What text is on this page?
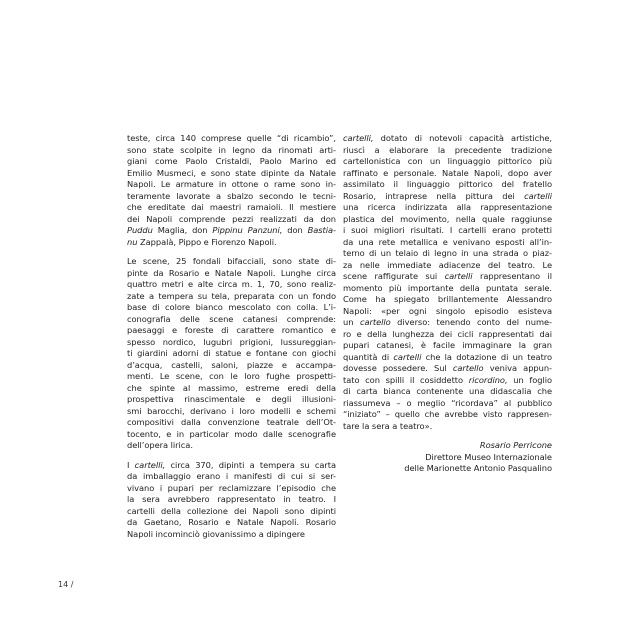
teste, circa 140 comprese quelle “di ricambio”,
sono state scolpite in legno da rinomati arti-
giani come Paolo Cristaldi, Paolo Marino ed
Emilio Musmeci, e sono state dipinte da Natale
Napoli. Le armature in ottone o rame sono in-
teramente lavorate a sbalzo secondo le tecni-
che ereditate dai maestri ramaioli. Il mestiere
dei Napoli comprende pezzi realizzati da don
Puddu Maglia, don Pippinu Panzuni, don Bastia-
nu Zappalà, Pippo e Fiorenzo Napoli.

Le scene, 25 fondali bifacciali, sono state di-
pinte da Rosario e Natale Napoli. Lunghe circa
quattro metri e alte circa m. 1, 70, sono realiz-
zate a tempera su tela, preparata con un fondo
base di colore bianco mescolato con colla. L’i-
conografia delle scene catanesi comprende:
paesaggi e foreste di carattere romantico e
spesso nordico, lugubri prigioni, lussureggian-
ti giardini adorni di statue e fontane con giochi
d’acqua, castelli, saloni, piazze e accampa-
menti. Le scene, con le loro fughe prospetti-
che spinte al massimo, estreme eredi della
prospettiva rinascimentale e degli illusioni-
smi barocchi, derivano i loro modelli e schemi
compositivi dalla convenzione teatrale dell’Ot-
tocento, e in particolar modo dalle scenografie
dell’opera lirica.

I cartelli, circa 370, dipinti a tempera su carta
da imballaggio erano i manifesti di cui si ser-
vivano i pupari per reclamizzare l’episodio che
la sera avrebbero rappresentato in teatro. I
cartelli della collezione dei Napoli sono dipinti
da Gaetano, Rosario e Natale Napoli. Rosario
Napoli incominciò giovanissimo a dipingere

cartelli, dotato di notevoli capacità artistiche,
riuscì a elaborare la precedente tradizione
cartellonistica con un linguaggio pittorico più
raffinato e personale. Natale Napoli, dopo aver
assimilato il linguaggio pittorico del fratello
Rosario, intraprese nella pittura dei cartelli
una ricerca indirizzata alla rappresentazione
plastica del movimento, nella quale raggiunse
i suoi migliori risultati. I cartelli erano protetti
da una rete metallica e venivano esposti all’in-
terno di un telaio di legno in una strada o piaz-
za nelle immediate adiacenze del teatro. Le
scene raffigurate sui cartelli rappresentano il
momento più importante della puntata serale.
Come ha spiegato brillantemente Alessandro
Napoli: «per ogni singolo episodio esisteva
un cartello diverso: tenendo conto del nume-
ro e della lunghezza dei cicli rappresentati dai
pupari catanesi, è facile immaginare la gran
quantità di cartelli che la dotazione di un teatro
dovesse possedere. Sul cartello veniva appun-
tato con spilli il cosiddetto ricordino, un foglio
di carta bianca contenente una didascalia che
riassumeva – o meglio “ricordava” al pubblico
“iniziato” – quello che avrebbe visto rappresen-
tare la sera a teatro».

Rosario Perricone
Direttore Museo Internazionale
delle Marionette Antonio Pasqualino
14 /
